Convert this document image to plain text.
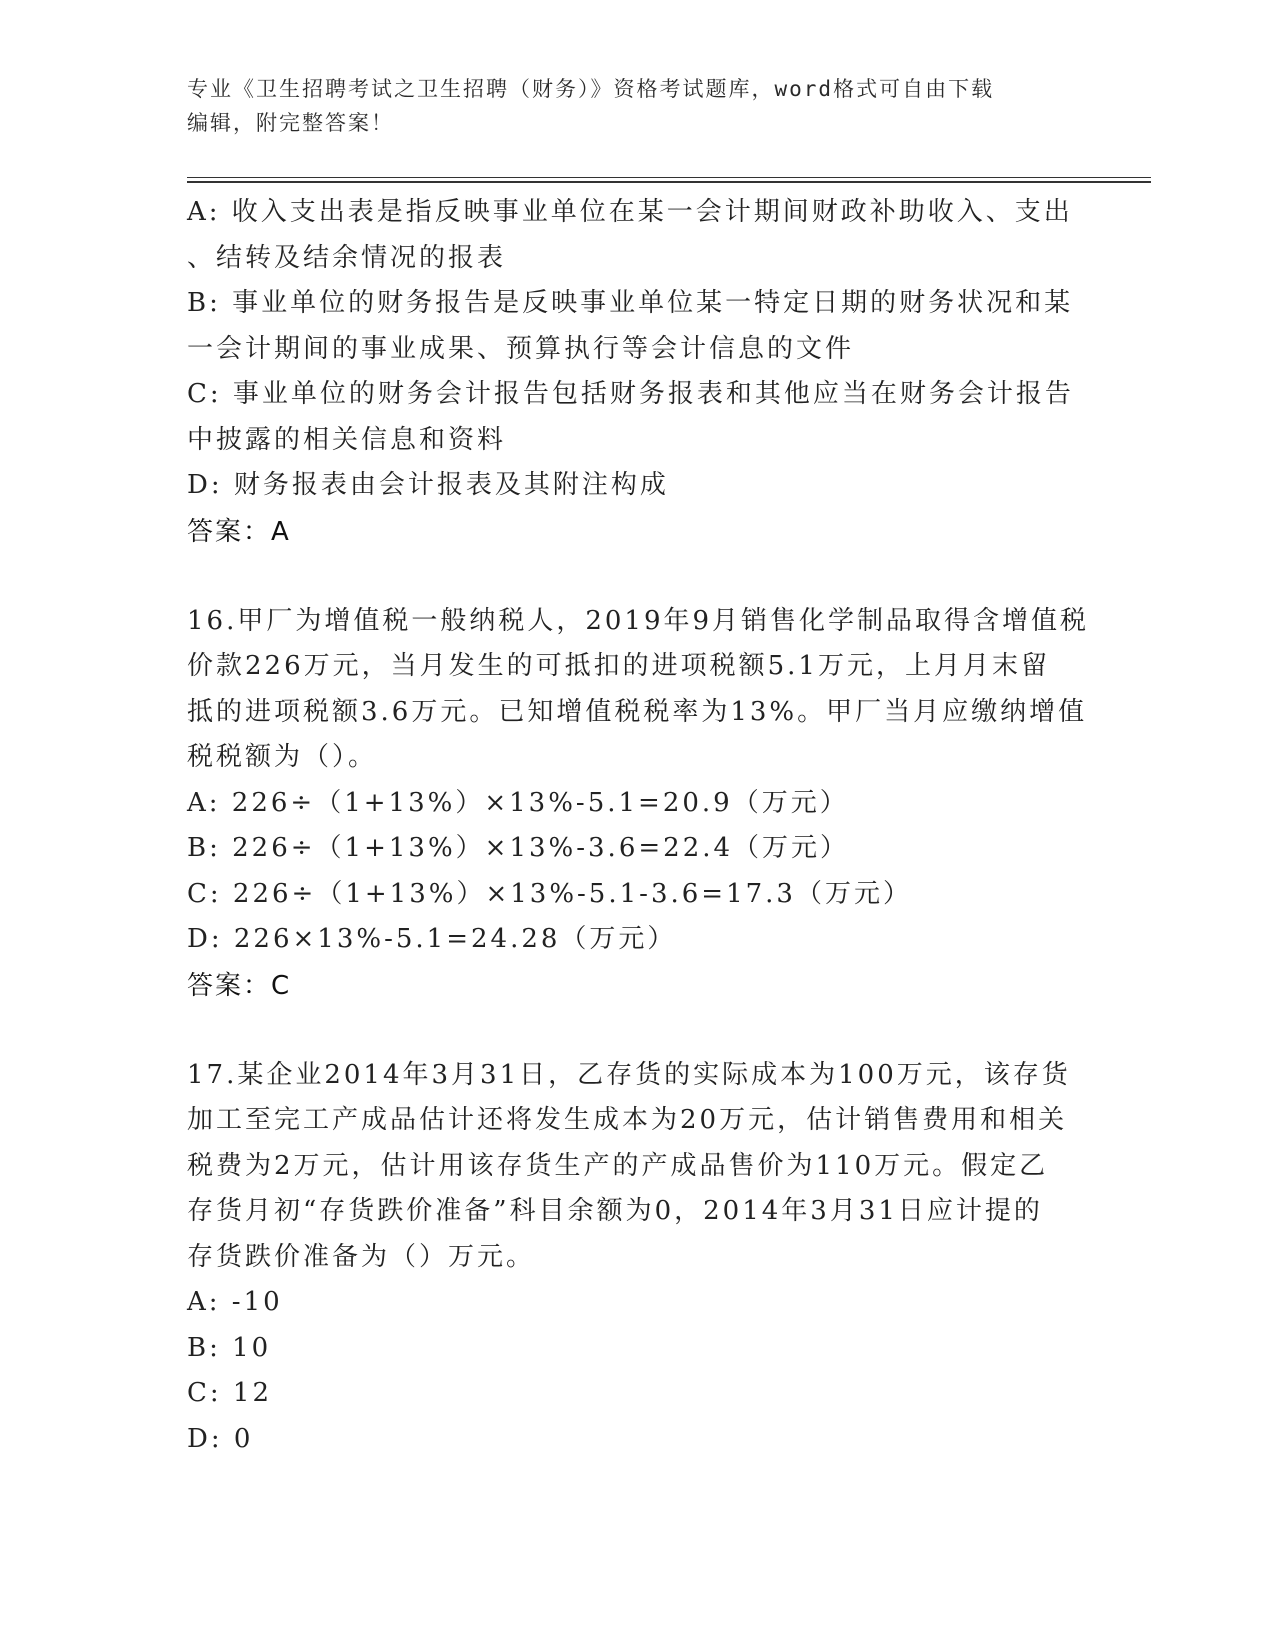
专业《卫生招聘考试之卫生招聘（财务）》资格考试题库，word格式可自由下载
编辑，附完整答案！
A: 收入支出表是指反映事业单位在某一会计期间财政补助收入、支出
、结转及结余情况的报表
B: 事业单位的财务报告是反映事业单位某一特定日期的财务状况和某
一会计期间的事业成果、预算执行等会计信息的文件
C: 事业单位的财务会计报告包括财务报表和其他应当在财务会计报告
中披露的相关信息和资料
D: 财务报表由会计报表及其附注构成
答案：A
16.甲厂为增值税一般纳税人，2019年9月销售化学制品取得含增值税
价款226万元，当月发生的可抵扣的进项税额5.1万元，上月月末留
抵的进项税额3.6万元。已知增值税税率为13%。甲厂当月应缴纳增值
税税额为（）。
A: 226÷（1+13%）×13%-5.1=20.9（万元）
B: 226÷（1+13%）×13%-3.6=22.4（万元）
C: 226÷（1+13%）×13%-5.1-3.6=17.3（万元）
D: 226×13%-5.1=24.28（万元）
答案：C
17.某企业2014年3月31日，乙存货的实际成本为100万元，该存货
加工至完工产成品估计还将发生成本为20万元，估计销售费用和相关
税费为2万元，估计用该存货生产的产成品售价为110万元。假定乙
存货月初“存货跌价准备”科目余额为0，2014年3月31日应计提的
存货跌价准备为（）万元。
A: -10
B: 10
C: 12
D: 0
